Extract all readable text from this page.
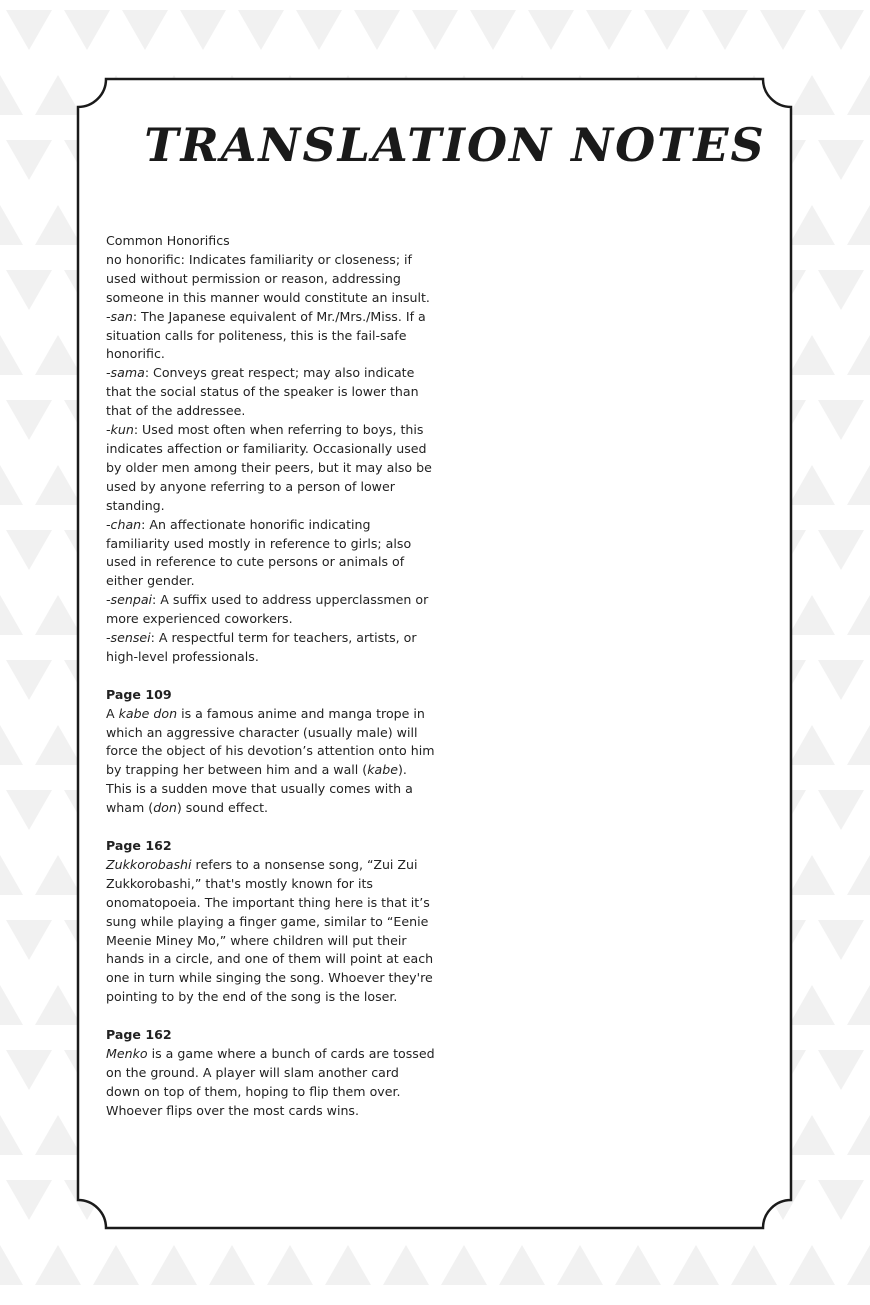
TRANSLATION NOTES

Common Honorifics

no honorific: Indicates familiarity or closeness; if used without permission or reason, addressing someone in this manner would constitute an insult.

-san: The Japanese equivalent of Mr./Mrs./Miss. If a situation calls for politeness, this is the fail-safe honorific.

-sama: Conveys great respect; may also indicate that the social status of the speaker is lower than that of the addressee.

-kun: Used most often when referring to boys, this indicates affection or familiarity. Occasionally used by older men among their peers, but it may also be used by anyone referring to a person of lower standing.

-chan: An affectionate honorific indicating familiarity used mostly in reference to girls; also used in reference to cute persons or animals of either gender.

-senpai: A suffix used to address upperclassmen or more experienced coworkers.

-sensei: A respectful term for teachers, artists, or high-level professionals.

Page 109

A kabe don is a famous anime and manga trope in which an aggressive character (usually male) will force the object of his devotion’s attention onto him by trapping her between him and a wall (kabe). This is a sudden move that usually comes with a wham (don) sound effect.

Page 162

Zukkorobashi refers to a nonsense song, “Zui Zui Zukkorobashi,” that's mostly known for its onomatopoeia. The important thing here is that it’s sung while playing a finger game, similar to “Eenie Meenie Miney Mo,” where children will put their hands in a circle, and one of them will point at each one in turn while singing the song. Whoever they're pointing to by the end of the song is the loser.

Page 162

Menko is a game where a bunch of cards are tossed on the ground. A player will slam another card down on top of them, hoping to flip them over. Whoever flips over the most cards wins.
